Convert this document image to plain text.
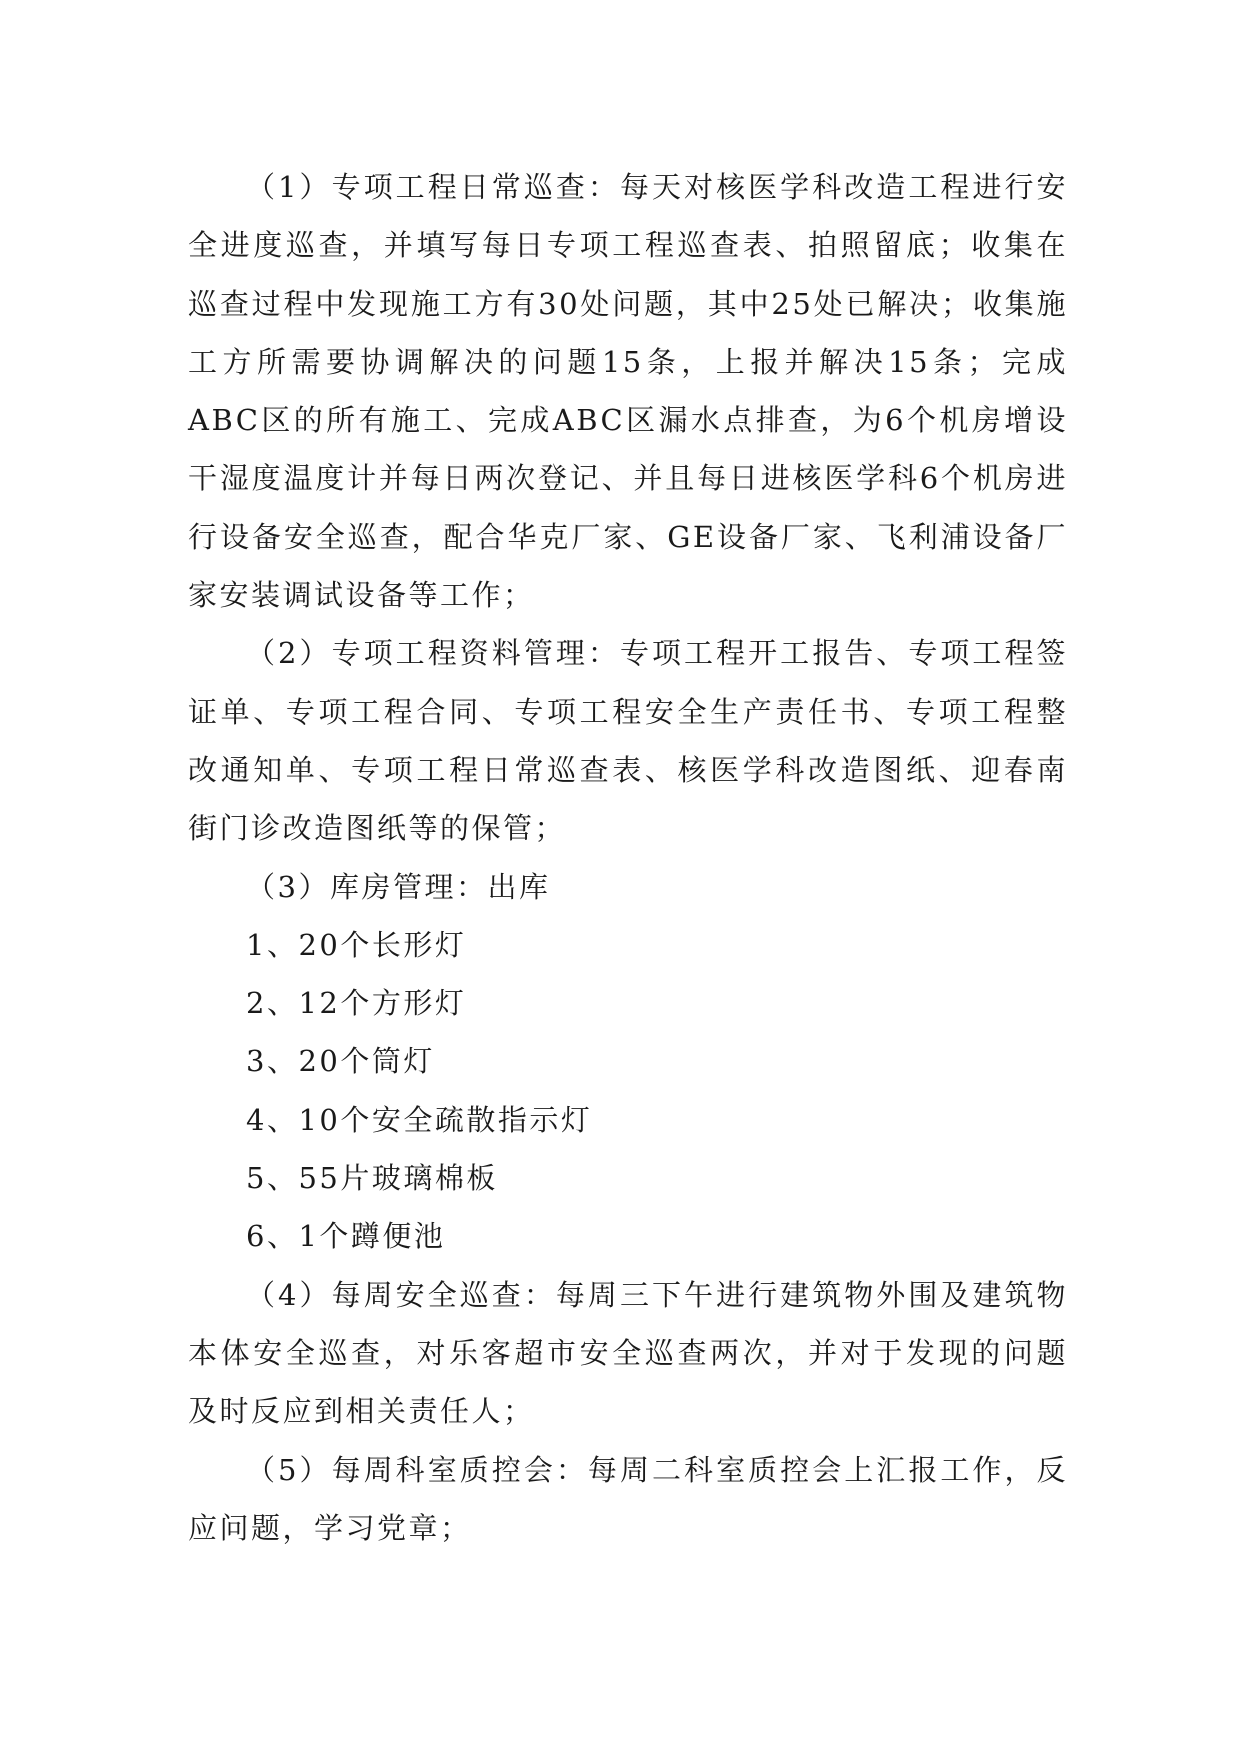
（1）专项工程日常巡查：每天对核医学科改造工程进行安全进度巡查，并填写每日专项工程巡查表、拍照留底；收集在巡查过程中发现施工方有30处问题，其中25处已解决；收集施工方所需要协调解决的问题15条，上报并解决15条；完成ABC区的所有施工、完成ABC区漏水点排查，为6个机房增设干湿度温度计并每日两次登记、并且每日进核医学科6个机房进行设备安全巡查，配合华克厂家、GE设备厂家、飞利浦设备厂家安装调试设备等工作；

（2）专项工程资料管理：专项工程开工报告、专项工程签证单、专项工程合同、专项工程安全生产责任书、专项工程整改通知单、专项工程日常巡查表、核医学科改造图纸、迎春南街门诊改造图纸等的保管；

（3）库房管理：出库

1、20个长形灯

2、12个方形灯

3、20个筒灯

4、10个安全疏散指示灯

5、55片玻璃棉板

6、1个蹲便池

（4）每周安全巡查：每周三下午进行建筑物外围及建筑物本体安全巡查，对乐客超市安全巡查两次，并对于发现的问题及时反应到相关责任人；

（5）每周科室质控会：每周二科室质控会上汇报工作，反应问题，学习党章；
